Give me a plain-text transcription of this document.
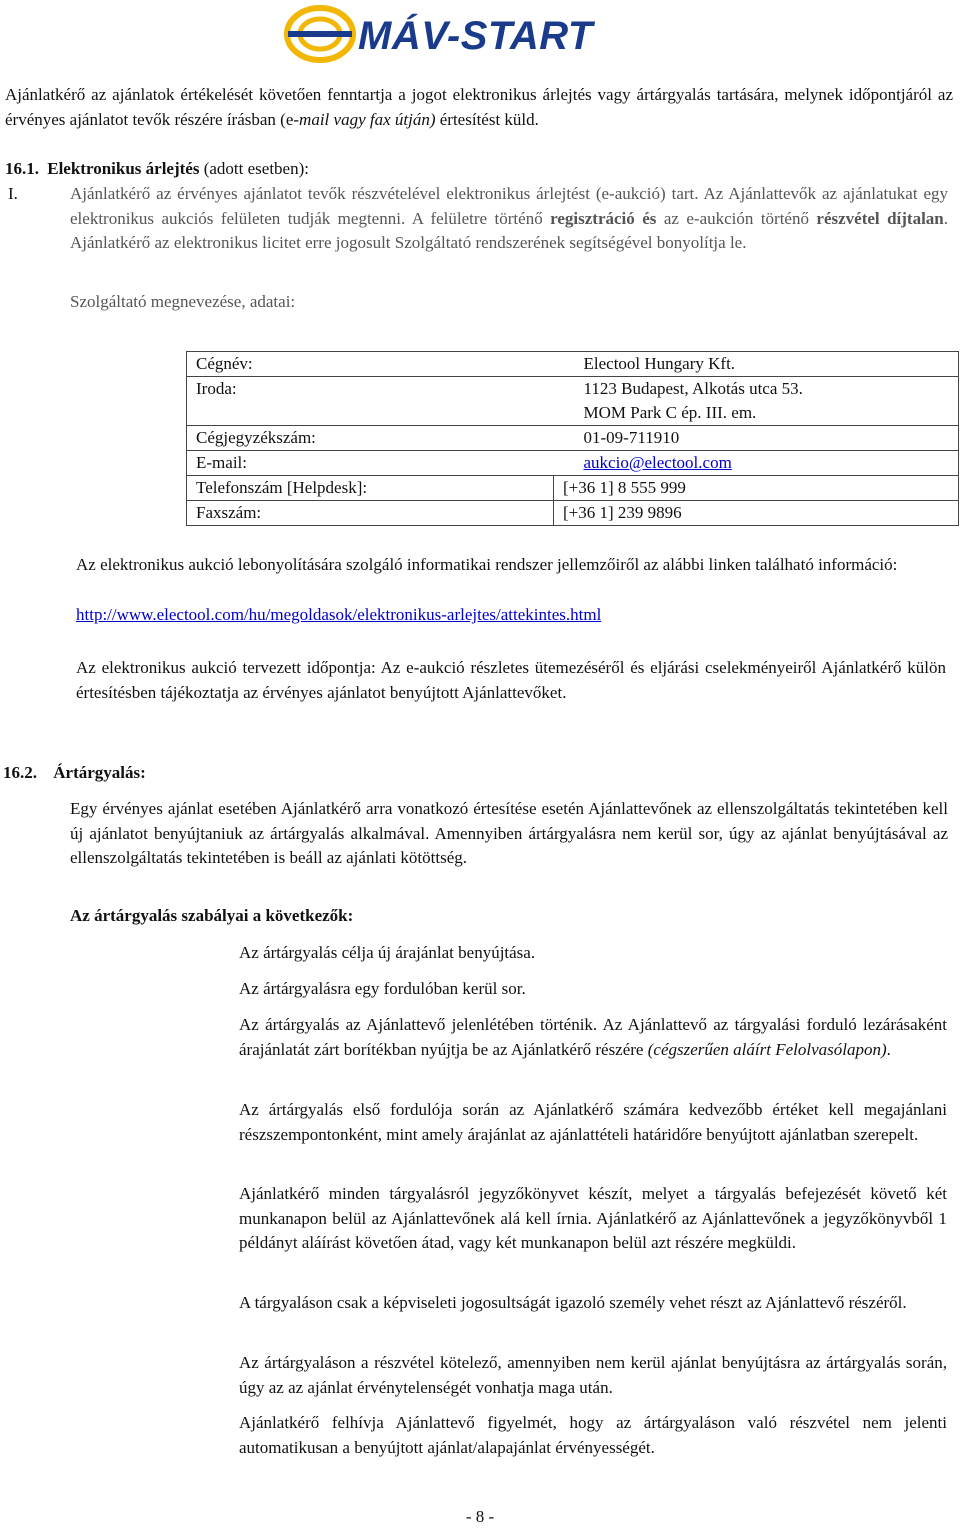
MÁV-START
Ajánlatkérő az ajánlatok értékelését követően fenntartja a jogot elektronikus árlejtés vagy ártárgyalás tartására, melynek időpontjáról az érvényes ajánlatot tevők részére írásban (e-mail vagy fax útján) értesítést küld.
16.1. Elektronikus árlejtés (adott esetben):
I.	Ajánlatkérő az érvényes ajánlatot tevők részvételével elektronikus árlejtést (e-aukció) tart. Az Ajánlattevők az ajánlatukat egy elektronikus aukciós felületen tudják megtenni. A felületre történő regisztráció és az e-aukción történő részvétel díjtalan. Ajánlatkérő az elektronikus licitet erre jogosult Szolgáltató rendszerének segítségével bonyolítja le.
Szolgáltató megnevezése, adatai:
Cégnév:	Electool Hungary Kft.
Iroda:	1123 Budapest, Alkotás utca 53.
MOM Park C ép. III. em.

Cégjegyzékszám:	01-09-711910
E-mail:	aukcio@electool.com
Telefonszám [Helpdesk]:	[+36 1] 8 555 999
Faxszám:	[+36 1] 239 9896
Az elektronikus aukció lebonyolítására szolgáló informatikai rendszer jellemzőiről az alábbi linken található információ:
http://www.electool.com/hu/megoldasok/elektronikus-arlejtes/attekintes.html
Az elektronikus aukció tervezett időpontja: Az e-aukció részletes ütemezéséről és eljárási cselekményeiről Ajánlatkérő külön értesítésben tájékoztatja az érvényes ajánlatot benyújtott Ajánlattevőket.
16.2. Ártárgyalás:
Egy érvényes ajánlat esetében Ajánlatkérő arra vonatkozó értesítése esetén Ajánlattevőnek az ellenszolgáltatás tekintetében kell új ajánlatot benyújtaniuk az ártárgyalás alkalmával. Amennyiben ártárgyalásra nem kerül sor, úgy az ajánlat benyújtásával az ellenszolgáltatás tekintetében is beáll az ajánlati kötöttség.
Az ártárgyalás szabályai a következők:
Az ártárgyalás célja új árajánlat benyújtása.
Az ártárgyalásra egy fordulóban kerül sor.
Az ártárgyalás az Ajánlattevő jelenlétében történik. Az Ajánlattevő az tárgyalási forduló lezárásaként árajánlatát zárt borítékban nyújtja be az Ajánlatkérő részére (cégszerűen aláírt Felolvasólapon).
Az ártárgyalás első fordulója során az Ajánlatkérő számára kedvezőbb értéket kell megajánlani részszempontonként, mint amely árajánlat az ajánlattételi határidőre benyújtott ajánlatban szerepelt.
Ajánlatkérő minden tárgyalásról jegyzőkönyvet készít, melyet a tárgyalás befejezését követő két munkanapon belül az Ajánlattevőnek alá kell írnia. Ajánlatkérő az Ajánlattevőnek a jegyzőkönyvből 1 példányt aláírást követően átad, vagy két munkanapon belül azt részére megküldi.
A tárgyaláson csak a képviseleti jogosultságát igazoló személy vehet részt az Ajánlattevő részéről.
Az ártárgyaláson a részvétel kötelező, amennyiben nem kerül ajánlat benyújtásra az ártárgyalás során, úgy az az ajánlat érvénytelenségét vonhatja maga után.
Ajánlatkérő felhívja Ajánlattevő figyelmét, hogy az ártárgyaláson való részvétel nem jelenti automatikusan a benyújtott ajánlat/alapajánlat érvényességét.
- 8 -
